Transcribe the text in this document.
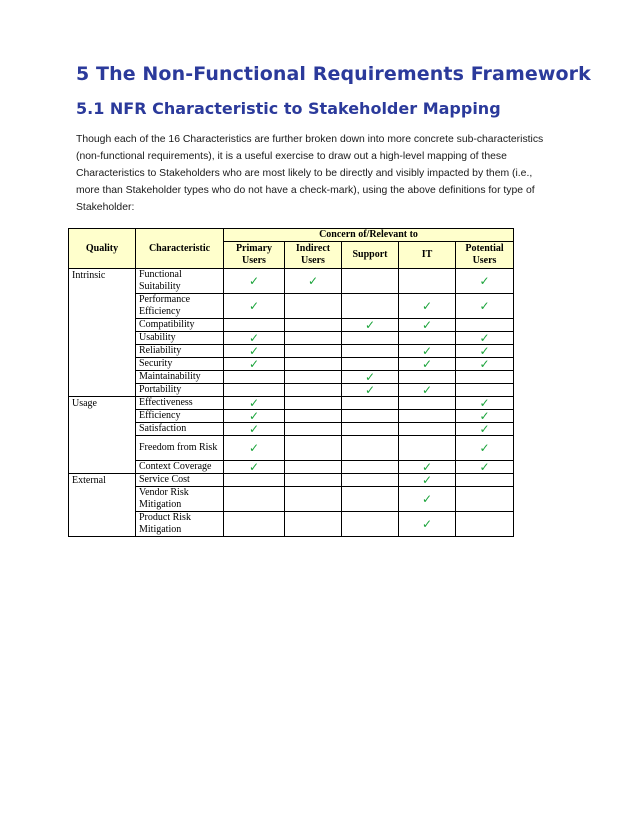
5 The Non-Functional Requirements Framework
5.1 NFR Characteristic to Stakeholder Mapping

Though each of the 16 Characteristics are further broken down into more concrete sub-characteristics (non-functional requirements), it is a useful exercise to draw out a high-level mapping of these Characteristics to Stakeholders who are most likely to be directly and visibly impacted by them (i.e., more than Stakeholder types who do not have a check-mark), using the above definitions for type of Stakeholder:

Quality	Characteristic	Concern of/Relevant to				
		Primary Users	Indirect Users	Support	IT	Potential Users
Intrinsic	Functional Suitability	✓	✓			✓
	Performance Efficiency	✓			✓	✓
	Compatibility			✓	✓	
	Usability	✓				✓
	Reliability	✓			✓	✓
	Security	✓			✓	✓
	Maintainability			✓		
	Portability			✓	✓	
Usage	Effectiveness	✓				✓
	Efficiency	✓				✓
	Satisfaction	✓				✓
	Freedom from Risk	✓				✓
	Context Coverage	✓			✓	✓
External	Service Cost				✓	
	Vendor Risk Mitigation				✓	
	Product Risk Mitigation				✓	
